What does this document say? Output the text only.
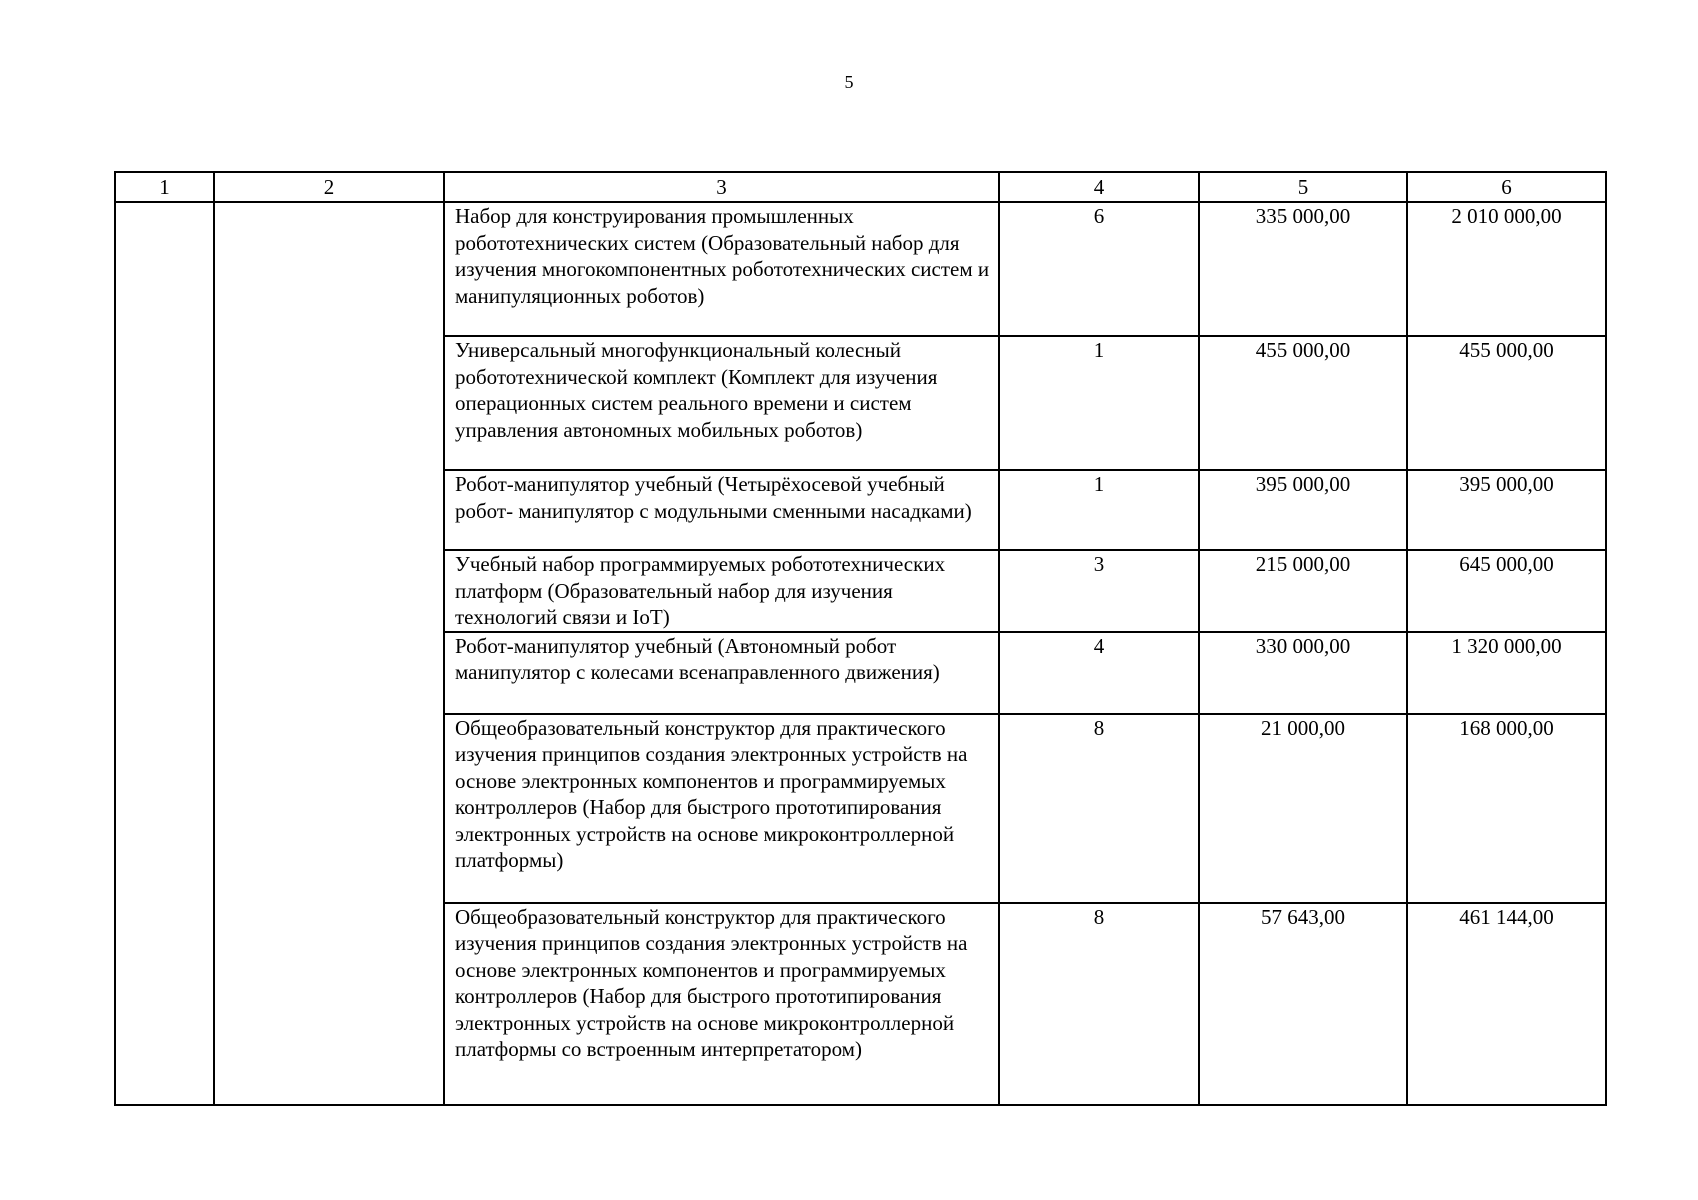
5
1	2	3	4	5	6
		Набор для конструирования промышленных робототехнических систем (Образовательный набор для изучения многокомпонентных робототехнических систем и манипуляционных роботов)	6	335 000,00	2 010 000,00
		Универсальный многофункциональный колесный робототехнической комплект (Комплект для изучения операционных систем реального времени и систем управления автономных мобильных роботов)	1	455 000,00	455 000,00
		Робот-манипулятор учебный (Четырёхосевой учебный робот- манипулятор с модульными сменными насадками)	1	395 000,00	395 000,00
		Учебный набор программируемых робототехнических платформ (Образовательный набор для изучения технологий связи и IoT)	3	215 000,00	645 000,00
		Робот-манипулятор учебный (Автономный робот манипулятор с колесами всенаправленного движения)	4	330 000,00	1 320 000,00
		Общеобразовательный конструктор для практического изучения принципов создания электронных устройств на основе электронных компонентов и программируемых контроллеров (Набор для быстрого прототипирования электронных устройств на основе микроконтроллерной платформы)	8	21 000,00	168 000,00
		Общеобразовательный конструктор для практического изучения принципов создания электронных устройств на основе электронных компонентов и программируемых контроллеров (Набор для быстрого прототипирования электронных устройств на основе микроконтроллерной платформы со встроенным интерпретатором)	8	57 643,00	461 144,00
